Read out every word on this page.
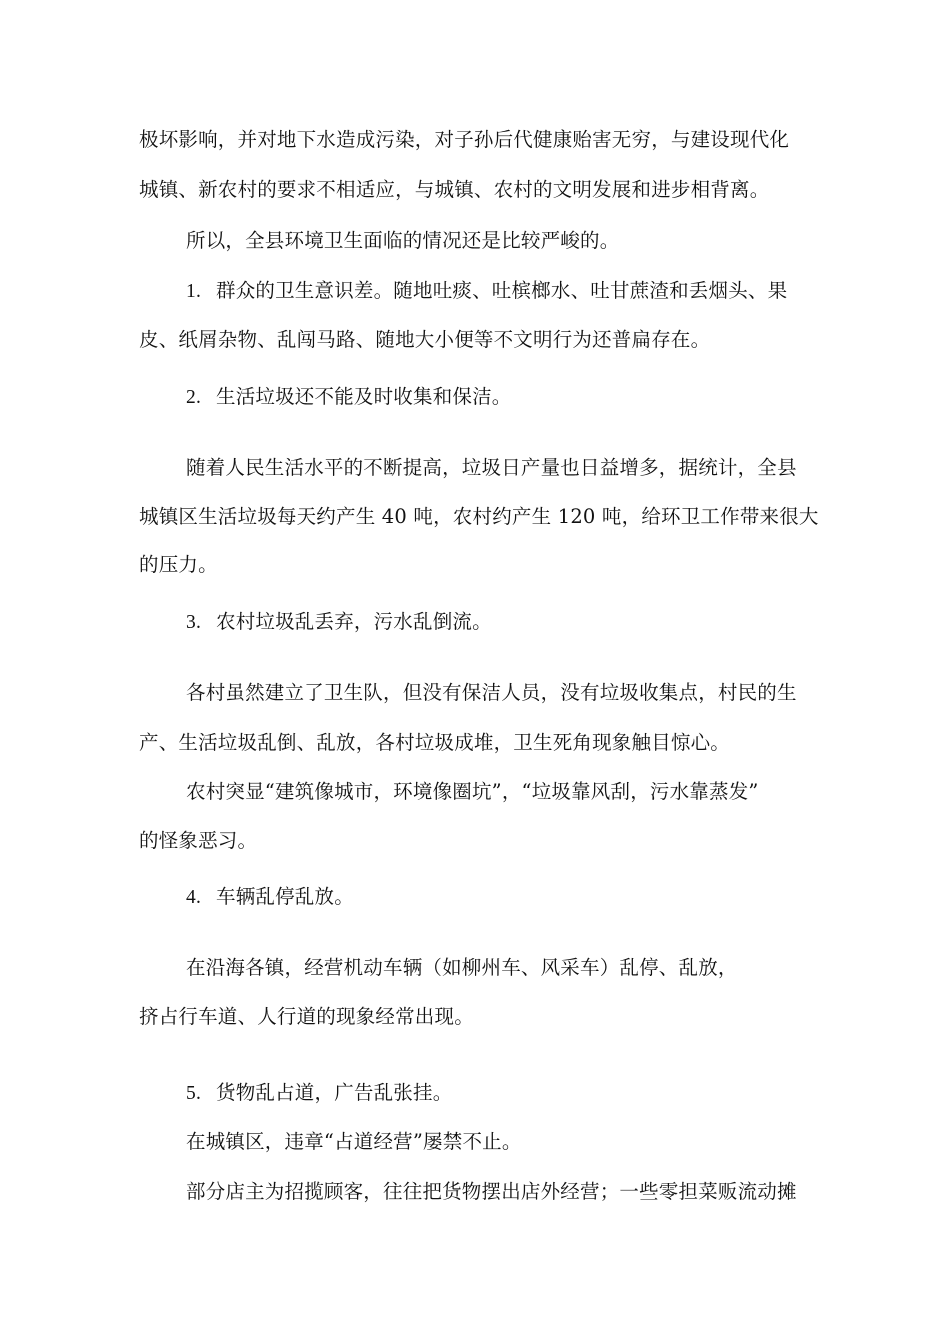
极坏影响，并对地下水造成污染，对子孙后代健康贻害无穷，与建设现代化
城镇、新农村的要求不相适应，与城镇、农村的文明发展和进步相背离。
所以，全县环境卫生面临的情况还是比较严峻的。
1. 群众的卫生意识差。随地吐痰、吐槟榔水、吐甘蔗渣和丢烟头、果
皮、纸屑杂物、乱闯马路、随地大小便等不文明行为还普扁存在。
2. 生活垃圾还不能及时收集和保洁。
随着人民生活水平的不断提高，垃圾日产量也日益增多，据统计，全县
城镇区生活垃圾每天约产生 40 吨，农村约产生 120 吨，给环卫工作带来很大
的压力。
3. 农村垃圾乱丢弃，污水乱倒流。
各村虽然建立了卫生队，但没有保洁人员，没有垃圾收集点，村民的生
产、生活垃圾乱倒、乱放，各村垃圾成堆，卫生死角现象触目惊心。
农村突显“建筑像城市，环境像圈坑”，“垃圾靠风刮，污水靠蒸发”
的怪象恶习。
4. 车辆乱停乱放。
在沿海各镇，经营机动车辆（如柳州车、风采车）乱停、乱放，
挤占行车道、人行道的现象经常出现。
5. 货物乱占道，广告乱张挂。
在城镇区，违章“占道经营”屡禁不止。
部分店主为招揽顾客，往往把货物摆出店外经营；一些零担菜贩流动摊
